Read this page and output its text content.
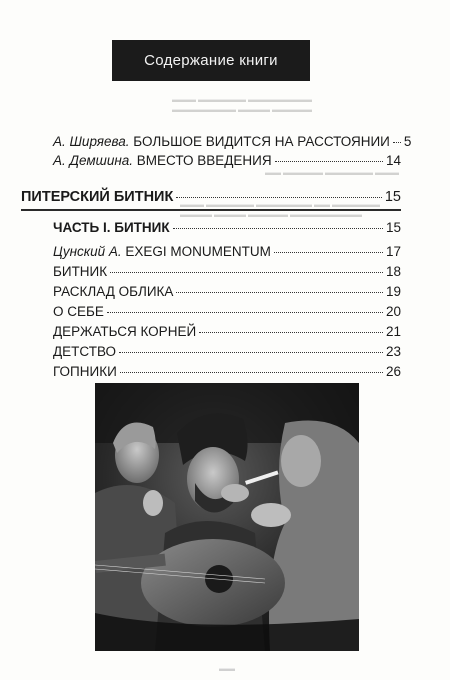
▬▬▬ ▬▬▬▬▬▬ ▬▬▬▬▬▬▬▬
▬▬▬▬▬▬▬▬ ▬▬▬▬ ▬▬▬▬▬
▬▬ ▬▬▬▬▬ ▬▬▬▬▬▬ ▬▬▬
▬▬▬ ▬▬▬▬▬▬ ▬▬▬▬▬▬▬ ▬▬ ▬▬▬▬▬▬
▬▬▬▬ ▬▬▬▬ ▬▬▬▬▬ ▬▬▬▬▬▬▬▬▬
Содержание книги
А. Ширяева. БОЛЬШОЕ ВИДИТСЯ НА РАССТОЯНИИ 5
А. Демшина. ВМЕСТО ВВЕДЕНИЯ	14
ПИТЕРСКИЙ БИТНИК	15
ЧАСТЬ I. БИТНИК	15
Цунский А. EXEGI MONUMENTUM	17
БИТНИК	18
РАСКЛАД ОБЛИКА	19
О СЕБЕ	20
ДЕРЖАТЬСЯ КОРНЕЙ	21
ДЕТСТВО	23
ГОПНИКИ	26
▬▬
